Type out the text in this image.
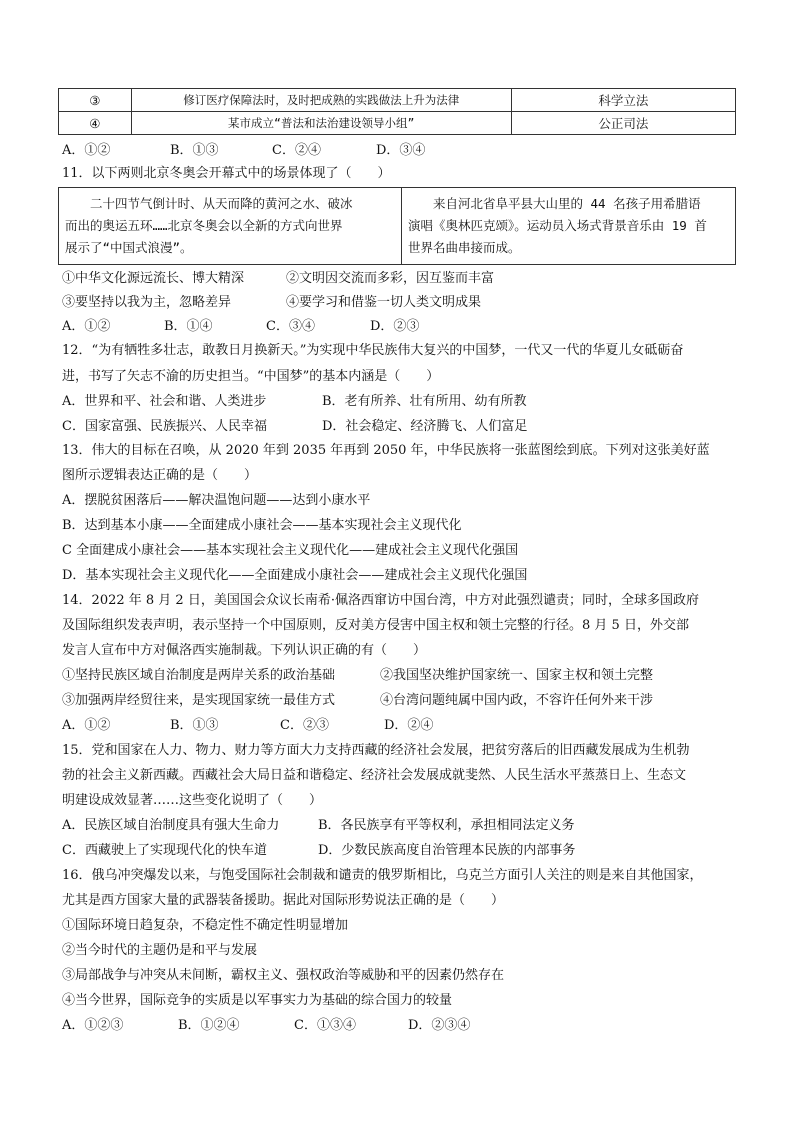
③	修订医疗保障法时，及时把成熟的实践做法上升为法律	科学立法
④	某市成立“普法和法治建设领导小组”	公正司法
A．①②	B．①③	C．②④	D．③④
11．以下两则北京冬奥会开幕式中的场景体现了（　　）
二十四节气倒计时、从天而降的黄河之水、破冰
而出的奥运五环……北京冬奥会以全新的方式向世界
展示了“中国式浪漫”。

来自河北省阜平县大山里的 44 名孩子用希腊语
演唱《奥林匹克颂》。运动员入场式背景音乐由 19 首
世界名曲串接而成。
①中华文化源远流长、博大精深	②文明因交流而多彩，因互鉴而丰富
③要坚持以我为主，忽略差异	④要学习和借鉴一切人类文明成果
A．①②	B．①④	C．③④	D．②③
12．“为有牺牲多壮志，敢教日月换新天。”为实现中华民族伟大复兴的中国梦，一代又一代的华夏儿女砥砺奋
进，书写了矢志不渝的历史担当。“中国梦”的基本内涵是（　　）
A．世界和平、社会和谐、人类进步	B．老有所养、壮有所用、幼有所教
C．国家富强、民族振兴、人民幸福	D．社会稳定、经济腾飞、人们富足
13．伟大的目标在召唤，从 2020 年到 2035 年再到 2050 年，中华民族将一张蓝图绘到底。下列对这张美好蓝
图所示逻辑表达正确的是（　　）
A．摆脱贫困落后——解决温饱问题——达到小康水平
B．达到基本小康——全面建成小康社会——基本实现社会主义现代化
C 全面建成小康社会——基本实现社会主义现代化——建成社会主义现代化强国
D．基本实现社会主义现代化——全面建成小康社会——建成社会主义现代化强国
14．2022 年 8 月 2 日，美国国会众议长南希·佩洛西窜访中国台湾，中方对此强烈谴责；同时，全球多国政府
及国际组织发表声明，表示坚持一个中国原则，反对美方侵害中国主权和领土完整的行径。8 月 5 日，外交部
发言人宣布中方对佩洛西实施制裁。下列认识正确的有（　　）
①坚持民族区域自治制度是两岸关系的政治基础	②我国坚决维护国家统一、国家主权和领土完整
③加强两岸经贸往来，是实现国家统一最佳方式	④台湾问题纯属中国内政，不容许任何外来干涉
A．①②	B．①③	C．②③	D．②④
15．党和国家在人力、物力、财力等方面大力支持西藏的经济社会发展，把贫穷落后的旧西藏发展成为生机勃
勃的社会主义新西藏。西藏社会大局日益和谐稳定、经济社会发展成就斐然、人民生活水平蒸蒸日上、生态文
明建设成效显著……这些变化说明了（　　）
A．民族区域自治制度具有强大生命力	B．各民族享有平等权利，承担相同法定义务
C．西藏驶上了实现现代化的快车道	D．少数民族高度自治管理本民族的内部事务
16．俄乌冲突爆发以来，与饱受国际社会制裁和谴责的俄罗斯相比，乌克兰方面引人关注的则是来自其他国家，
尤其是西方国家大量的武器装备援助。据此对国际形势说法正确的是（　　）
①国际环境日趋复杂，不稳定性不确定性明显增加
②当今时代的主题仍是和平与发展
③局部战争与冲突从未间断，霸权主义、强权政治等威胁和平的因素仍然存在
④当今世界，国际竞争的实质是以军事实力为基础的综合国力的较量
A．①②③	B．①②④	C．①③④	D．②③④
